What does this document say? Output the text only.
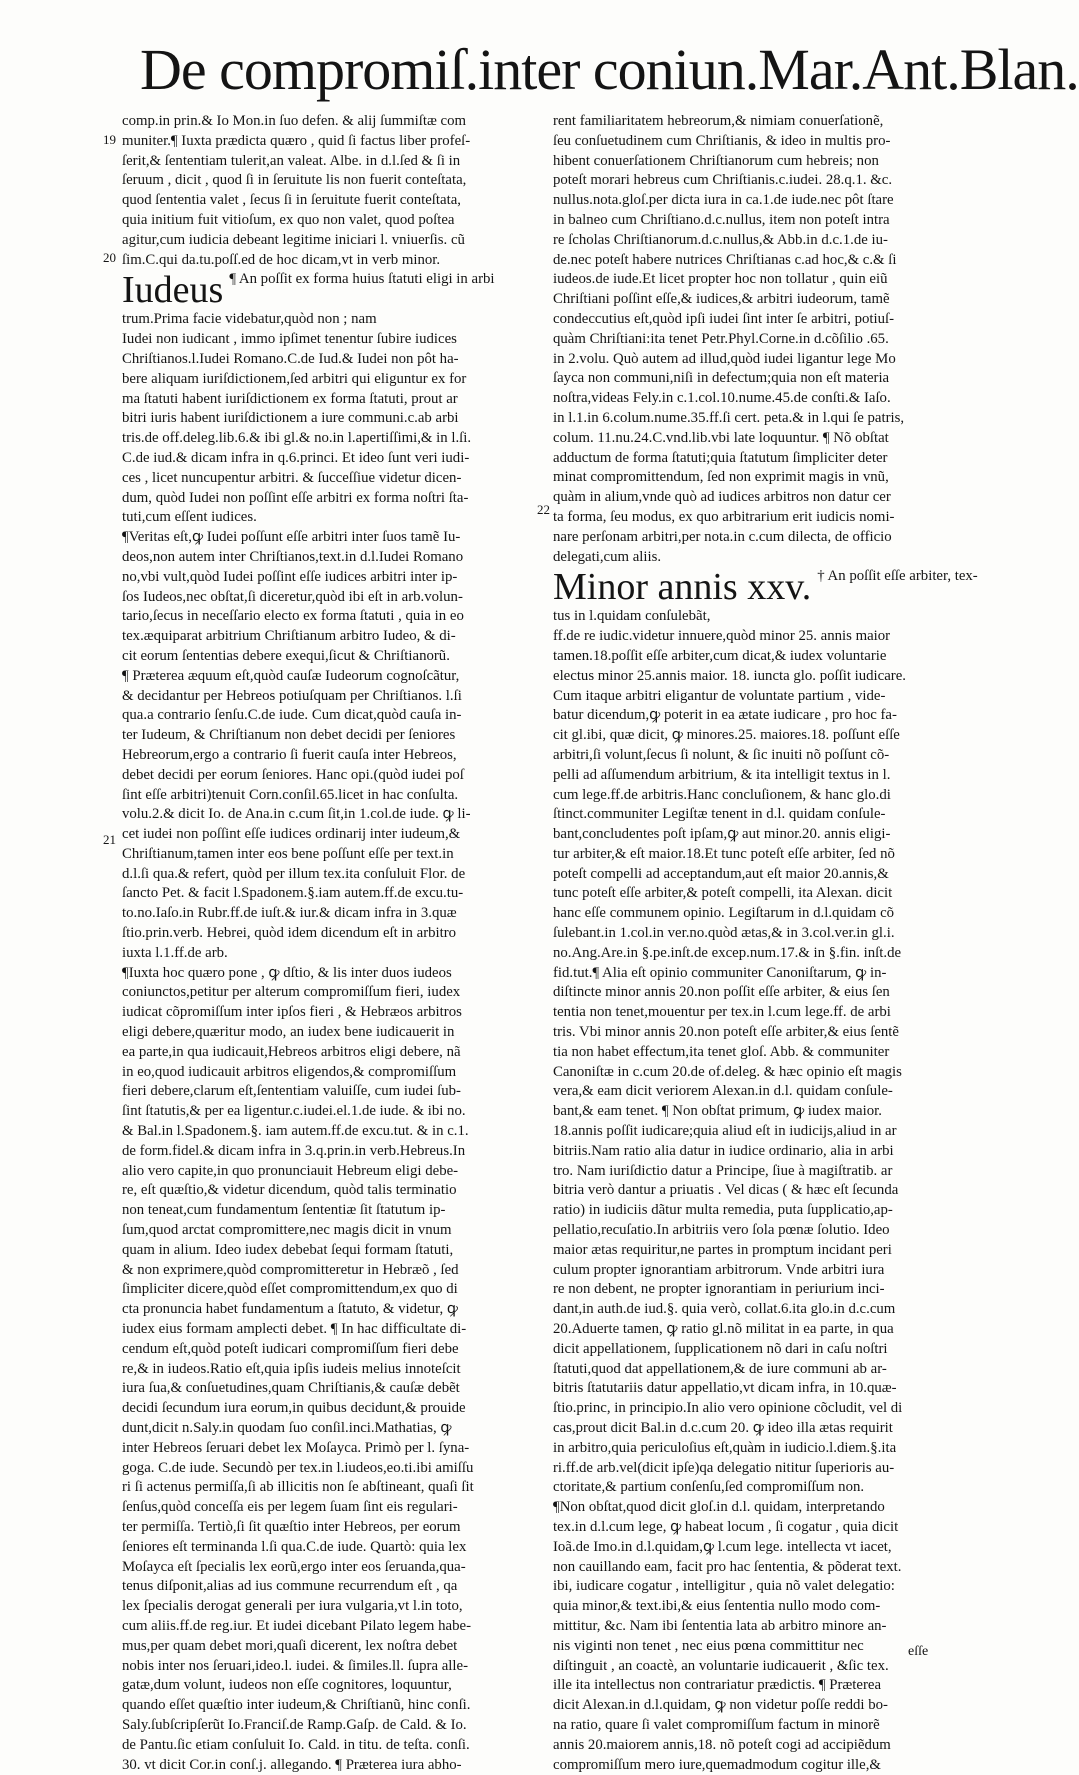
De compromiſ.inter coniun.Mar.Ant.Blan.
19
20
21
22
comp.in prin.& Io Mon.in ſuo defen. & alij ſummiſtæ com
muniter.¶ Iuxta prædicta quæro , quid ſi factus liber profeſ-
ſerit,& ſententiam tulerit,an valeat. Albe. in d.l.ſed & ſi in
ſeruum , dicit , quod ſi in ſeruitute lis non fuerit conteſtata,
quod ſententia valet , ſecus ſi in ſeruitute fuerit conteſtata,
quia initium fuit vitioſum, ex quo non valet, quod poſtea
agitur,cum iudicia debeant legitime iniciari l. vniuerſis. cũ
ſim.C.qui da.tu.poſſ.ed de hoc dicam,vt in verb minor.
Iudeus ¶ An poſſit ex forma huius ſtatuti eligi in arbi
trum.Prima facie videbatur,quòd non ; nam
Iudei non iudicant , immo ipſimet tenentur ſubire iudices
Chriſtianos.l.Iudei Romano.C.de Iud.& Iudei non pôt ha-
bere aliquam iuriſdictionem,ſed arbitri qui eliguntur ex for
ma ſtatuti habent iuriſdictionem ex forma ſtatuti, prout ar
bitri iuris habent iuriſdictionem a iure communi.c.ab arbi
tris.de off.deleg.lib.6.& ibi gl.& no.in l.apertiſſimi,& in l.ſi.
C.de iud.& dicam infra in q.6.princi. Et ideo ſunt veri iudi-
ces , licet nuncupentur arbitri. & ſucceſſiue videtur dicen-
dum, quòd Iudei non poſſint eſſe arbitri ex forma noſtri ſta-
tuti,cum eſſent iudices.
¶Veritas eſt,ꝙ Iudei poſſunt eſſe arbitri inter ſuos tamẽ Iu-
deos,non autem inter Chriſtianos,text.in d.l.Iudei Romano
no,vbi vult,quòd Iudei poſſint eſſe iudices arbitri inter ip-
ſos Iudeos,nec obſtat,ſi diceretur,quòd ibi eſt in arb.volun-
tario,ſecus in neceſſario electo ex forma ſtatuti , quia in eo
tex.æquiparat arbitrium Chriſtianum arbitro Iudeo, & di-
cit eorum ſententias debere exequi,ſicut & Chriſtianorũ.
¶ Præterea æquum eſt,quòd cauſæ Iudeorum cognoſcãtur,
& decidantur per Hebreos potiuſquam per Chriſtianos. l.ſi
qua.a contrario ſenſu.C.de iude. Cum dicat,quòd cauſa in-
ter Iudeum, & Chriſtianum non debet decidi per ſeniores
Hebreorum,ergo a contrario ſi fuerit cauſa inter Hebreos,
debet decidi per eorum ſeniores. Hanc opi.(quòd iudei poſ
ſint eſſe arbitri)tenuit Corn.conſil.65.licet in hac conſulta.
volu.2.& dicit Io. de Ana.in c.cum ſit,in 1.col.de iude. ꝙ li-
cet iudei non poſſint eſſe iudices ordinarij inter iudeum,&
Chriſtianum,tamen inter eos bene poſſunt eſſe per text.in
d.l.ſi qua.& refert, quòd per illum tex.ita conſuluit Flor. de
ſancto Pet. & facit l.Spadonem.§.iam autem.ff.de excu.tu-
to.no.Iaſo.in Rubr.ff.de iuſt.& iur.& dicam infra in 3.quæ
ſtio.prin.verb. Hebrei, quòd idem dicendum eſt in arbitro
iuxta l.1.ff.de arb.
¶Iuxta hoc quæro pone , ꝙ dſtio, & lis inter duos iudeos
coniunctos,petitur per alterum compromiſſum fieri, iudex
iudicat cõpromiſſum inter ipſos fieri , & Hebræos arbitros
eligi debere,quæritur modo, an iudex bene iudicauerit in
ea parte,in qua iudicauit,Hebreos arbitros eligi debere, nã
in eo,quod iudicauit arbitros eligendos,& compromiſſum
fieri debere,clarum eſt,ſententiam valuiſſe, cum iudei ſub-
ſint ſtatutis,& per ea ligentur.c.iudei.el.1.de iude. & ibi no.
& Bal.in l.Spadonem.§. iam autem.ff.de excu.tut. & in c.1.
de form.fidel.& dicam infra in 3.q.prin.in verb.Hebreus.In
alio vero capite,in quo pronunciauit Hebreum eligi debe-
re, eſt quæſtio,& videtur dicendum, quòd talis terminatio
non teneat,cum fundamentum ſententiæ ſit ſtatutum ip-
ſum,quod arctat compromittere,nec magis dicit in vnum
quam in alium. Ideo iudex debebat ſequi formam ſtatuti,
& non exprimere,quòd compromitteretur in Hebræõ , ſed
ſimpliciter dicere,quòd eſſet compromittendum,ex quo di
cta pronuncia habet fundamentum a ſtatuto, & videtur, ꝙ
iudex eius formam amplecti debet. ¶ In hac difficultate di-
cendum eſt,quòd poteſt iudicari compromiſſum fieri debe
re,& in iudeos.Ratio eſt,quia ipſis iudeis melius innoteſcit
iura ſua,& conſuetudines,quam Chriſtianis,& cauſæ debẽt
decidi ſecundum iura eorum,in quibus decidunt,& prouide
dunt,dicit n.Saly.in quodam ſuo conſil.inci.Mathatias, ꝙ
inter Hebreos ſeruari debet lex Moſayca. Primò per l. ſyna-
goga. C.de iude. Secundò per tex.in l.iudeos,eo.ti.ibi amiſſu
ri ſi actenus permiſſa,ſi ab illicitis non ſe abſtineant, quaſi ſit
ſenſus,quòd conceſſa eis per legem ſuam ſint eis regulari-
ter permiſſa. Tertiò,ſi ſit quæſtio inter Hebreos, per eorum
ſeniores eſt terminanda l.ſi qua.C.de iude. Quartò: quia lex
Moſayca eſt ſpecialis lex eorũ,ergo inter eos ſeruanda,qua-
tenus diſponit,alias ad ius commune recurrendum eſt , qa
lex ſpecialis derogat generali per iura vulgaria,vt l.in toto,
cum aliis.ff.de reg.iur. Et iudei dicebant Pilato legem habe-
mus,per quam debet mori,quaſi dicerent, lex noſtra debet
nobis inter nos ſeruari,ideo.l. iudei. & ſimiles.ll. ſupra alle-
gatæ,dum volunt, iudeos non eſſe cognitores, loquuntur,
quando eſſet quæſtio inter iudeum,& Chriſtianũ, hinc conſi.
Saly.ſubſcripſerũt Io.Franciſ.de Ramp.Gaſp. de Cald. & Io.
de Pantu.ſic etiam conſuluit Io. Cald. in titu. de teſta. conſi.
30. vt dicit Cor.in conſ.j. allegando. ¶ Præterea iura abho-
rent familiaritatem hebreorum,& nimiam conuerſationẽ,
ſeu conſuetudinem cum Chriſtianis, & ideo in multis pro-
hibent conuerſationem Chriſtianorum cum hebreis; non
poteſt morari hebreus cum Chriſtianis.c.iudei. 28.q.1. &c.
nullus.nota.gloſ.per dicta iura in ca.1.de iude.nec pôt ſtare
in balneo cum Chriſtiano.d.c.nullus, item non poteſt intra
re ſcholas Chriſtianorum.d.c.nullus,& Abb.in d.c.1.de iu-
de.nec poteſt habere nutrices Chriſtianas c.ad hoc,& c.& ſi
iudeos.de iude.Et licet propter hoc non tollatur , quin eiũ
Chriſtiani poſſint eſſe,& iudices,& arbitri iudeorum, tamẽ
condeccutius eſt,quòd ipſi iudei ſint inter ſe arbitri, potiuſ-
quàm Chriſtiani:ita tenet Petr.Phyl.Corne.in d.cõſilio .65.
in 2.volu. Quò autem ad illud,quòd iudei ligantur lege Mo
ſayca non communi,niſi in defectum;quia non eſt materia
noſtra,videas Fely.in c.1.col.10.nume.45.de conſti.& Iaſo.
in l.1.in 6.colum.nume.35.ff.ſi cert. peta.& in l.qui ſe patris,
colum. 11.nu.24.C.vnd.lib.vbi late loquuntur. ¶ Nõ obſtat
adductum de forma ſtatuti;quia ſtatutum ſimpliciter deter
minat compromittendum, ſed non exprimit magis in vnũ,
quàm in alium,vnde quò ad iudices arbitros non datur cer
ta forma, ſeu modus, ex quo arbitrarium erit iudicis nomi-
nare perſonam arbitri,per nota.in c.cum dilecta, de officio
delegati,cum aliis.
Minor annis xxv. † An poſſit eſſe arbiter, tex-
tus in l.quidam conſulebãt,
ff.de re iudic.videtur innuere,quòd minor 25. annis maior
tamen.18.poſſit eſſe arbiter,cum dicat,& iudex voluntarie
electus minor 25.annis maior. 18. iuncta glo. poſſit iudicare.
Cum itaque arbitri eligantur de voluntate partium , vide-
batur dicendum,ꝙ poterit in ea ætate iudicare , pro hoc fa-
cit gl.ibi, quæ dicit, ꝙ minores.25. maiores.18. poſſunt eſſe
arbitri,ſi volunt,ſecus ſi nolunt, & ſic inuiti nõ poſſunt cõ-
pelli ad aſſumendum arbitrium, & ita intelligit textus in l.
cum lege.ff.de arbitris.Hanc concluſionem, & hanc glo.di
ſtinct.communiter Legiſtæ tenent in d.l. quidam conſule-
bant,concludentes poſt ipſam,ꝙ aut minor.20. annis eligi-
tur arbiter,& eſt maior.18.Et tunc poteſt eſſe arbiter, ſed nõ
poteſt compelli ad acceptandum,aut eſt maior 20.annis,&
tunc poteſt eſſe arbiter,& poteſt compelli, ita Alexan. dicit
hanc eſſe communem opinio. Legiſtarum in d.l.quidam cõ
ſulebant.in 1.col.in ver.no.quòd ætas,& in 3.col.ver.in gl.i.
no.Ang.Are.in §.pe.inſt.de excep.num.17.& in §.fin. inſt.de
fid.tut.¶ Alia eſt opinio communiter Canoniſtarum, ꝙ in-
diſtincte minor annis 20.non poſſit eſſe arbiter, & eius ſen
tentia non tenet,mouentur per tex.in l.cum lege.ff. de arbi
tris. Vbi minor annis 20.non poteſt eſſe arbiter,& eius ſentẽ
tia non habet effectum,ita tenet gloſ. Abb. & communiter
Canoniſtæ in c.cum 20.de of.deleg. & hæc opinio eſt magis
vera,& eam dicit veriorem Alexan.in d.l. quidam conſule-
bant,& eam tenet. ¶ Non obſtat primum, ꝙ iudex maior.
18.annis poſſit iudicare;quia aliud eſt in iudicijs,aliud in ar
bitriis.Nam ratio alia datur in iudice ordinario, alia in arbi
tro. Nam iuriſdictio datur a Principe, ſiue à magiſtratib. ar
bitria verò dantur a priuatis . Vel dicas ( & hæc eſt ſecunda
ratio) in iudiciis dãtur multa remedia, puta ſupplicatio,ap-
pellatio,recuſatio.In arbitriis vero ſola pœnæ ſolutio. Ideo
maior ætas requiritur,ne partes in promptum incidant peri
culum propter ignorantiam arbitrorum. Vnde arbitri iura
re non debent, ne propter ignorantiam in periurium inci-
dant,in auth.de iud.§. quia verò, collat.6.ita glo.in d.c.cum
20.Aduerte tamen, ꝙ ratio gl.nõ militat in ea parte, in qua
dicit appellationem, ſupplicationem nõ dari in caſu noſtri
ſtatuti,quod dat appellationem,& de iure communi ab ar-
bitris ſtatutariis datur appellatio,vt dicam infra, in 10.quæ-
ſtio.princ, in principio.In alio vero opinione cõcludit, vel di
cas,prout dicit Bal.in d.c.cum 20. ꝙ ideo illa ætas requirit
in arbitro,quia periculoſius eſt,quàm in iudicio.l.diem.§.ita
ri.ff.de arb.vel(dicit ipſe)qa delegatio nititur ſuperioris au-
ctoritate,& partium conſenſu,ſed compromiſſum non.
¶Non obſtat,quod dicit gloſ.in d.l. quidam, interpretando
tex.in d.l.cum lege, ꝙ habeat locum , ſi cogatur , quia dicit
Ioã.de Imo.in d.l.quidam,ꝙ l.cum lege. intellecta vt iacet,
non cauillando eam, facit pro hac ſententia, & põderat text.
ibi, iudicare cogatur , intelligitur , quia nõ valet delegatio:
quia minor,& text.ibi,& eius ſententia nullo modo com-
mittitur, &c. Nam ibi ſententia lata ab arbitro minore an-
nis viginti non tenet , nec eius pœna committitur nec
diſtinguit , an coactè, an voluntarie iudicauerit , &ſic tex.
ille ita intellectus non contrariatur prædictis. ¶ Præterea
dicit Alexan.in d.l.quidam, ꝙ non videtur poſſe reddi bo-
na ratio, quare ſi valet compromiſſum factum in minorẽ
annis 20.maiorem annis,18. nõ poteſt cogi ad accipiẽdum
compromiſſum mero iure,quemadmodum cogitur ille,&
eſſe
